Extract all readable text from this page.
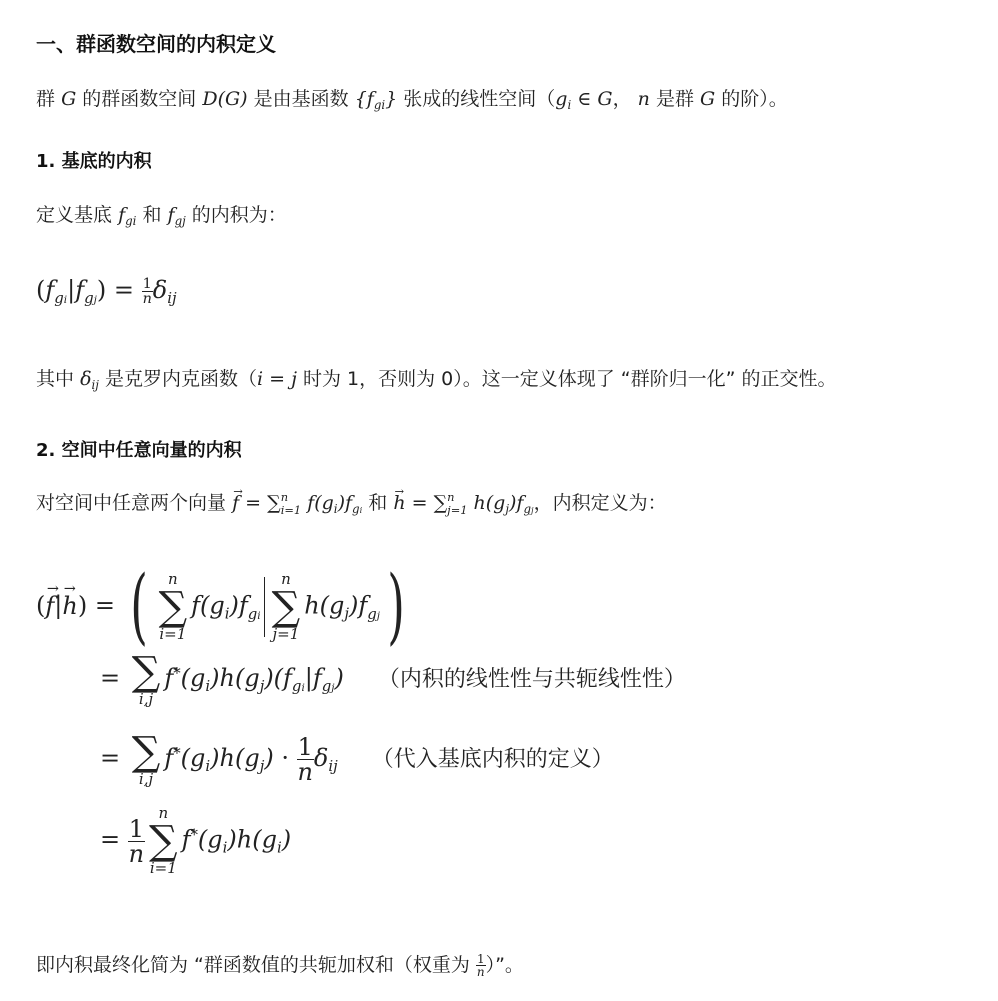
一、群函数空间的内积定义
群 G 的群函数空间 D(G) 是由基函数 $\{f_{gi}\}$ 张成的线性空间（$g_i$ ∈ G， n 是群 G 的阶）。
1. 基底的内积
定义基底 $f_{gi}$ 和 $f_{gj}$ 的内积为：
$(f_{gi}|f_{gj}) = \frac{1}{n} \delta_{ij}$
其中 $\delta_{ij}$ 是克罗内克函数（i = j 时为 1，否则为 0）。这一定义体现了 “群阶归一化” 的正交性。
2. 空间中任意向量的内积
对空间中任意两个向量 → f = ∑ n
i=1 $f(g_i)f_{gi}$ 和 → h = ∑ n
j=1 $h(g_j)f_{gj}$，内积定义为：
(→ f|→ h) = ( n
∑
i=1
$f(g_i)f_{gi}$
n
∑
j=1
$h(g_j)f_{gj}$)
= ∑
i,j
$f^*(g_i)h(g_j)(f_{gi}|f_{gj})$ （内积的线性性与共轭线性性）
= ∑
i,j
$f^*(g_i)h(g_j) \cdot \frac{1}{n} \delta_{ij}$ （代入基底内积的定义）
= $\frac{1}{n}$
n
∑
i=1
$f^*(g_i)h(g_i)$
即内积最终化简为 “群函数值的共轭加权和（权重为 $\frac{1}{n}$ ）”。
